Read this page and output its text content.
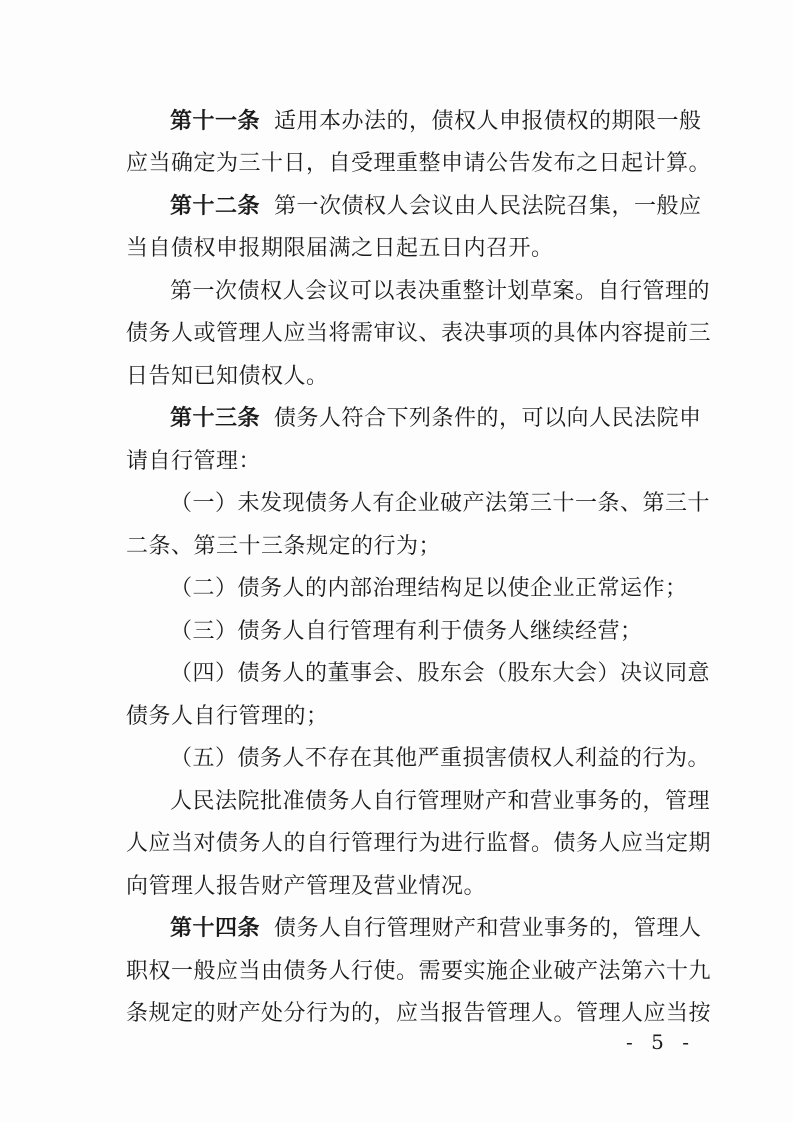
第十一条 适用本办法的，债权人申报债权的期限一般
应当确定为三十日，自受理重整申请公告发布之日起计算。
第十二条 第一次债权人会议由人民法院召集，一般应
当自债权申报期限届满之日起五日内召开。
第一次债权人会议可以表决重整计划草案。自行管理的
债务人或管理人应当将需审议、表决事项的具体内容提前三
日告知已知债权人。
第十三条 债务人符合下列条件的，可以向人民法院申
请自行管理：
（一）未发现债务人有企业破产法第三十一条、第三十
二条、第三十三条规定的行为；
（二）债务人的内部治理结构足以使企业正常运作；
（三）债务人自行管理有利于债务人继续经营；
（四）债务人的董事会、股东会（股东大会）决议同意
债务人自行管理的；
（五）债务人不存在其他严重损害债权人利益的行为。
人民法院批准债务人自行管理财产和营业事务的，管理
人应当对债务人的自行管理行为进行监督。债务人应当定期
向管理人报告财产管理及营业情况。
第十四条 债务人自行管理财产和营业事务的，管理人
职权一般应当由债务人行使。需要实施企业破产法第六十九
条规定的财产处分行为的，应当报告管理人。管理人应当按
- 5 -
